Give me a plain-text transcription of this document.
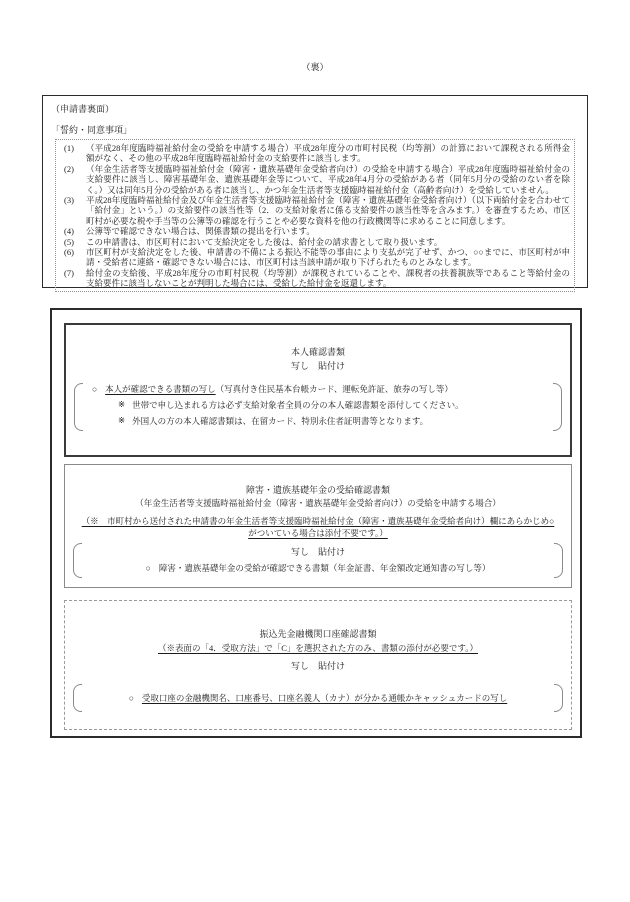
（裏）
（申請書裏面）
「誓約・同意事項」
(1)	（平成28年度臨時福祉給付金の受給を申請する場合）平成28年度分の市町村民税（均等割）の計算において課税される所得金額がなく、その他の平成28年度臨時福祉給付金の支給要件に該当します。
(2)	（年金生活者等支援臨時福祉給付金（障害・遺族基礎年金受給者向け）の受給を申請する場合）平成28年度臨時福祉給付金の支給要件に該当し、障害基礎年金、遺族基礎年金等について、平成28年4月分の受給がある者（同年5月分の受給のない者を除く。）又は同年5月分の受給がある者に該当し、かつ年金生活者等支援臨時福祉給付金（高齢者向け）を受給していません。
(3)	平成28年度臨時福祉給付金及び年金生活者等支援臨時福祉給付金（障害・遺族基礎年金受給者向け）（以下両給付金を合わせて「給付金」という。）の支給要件の該当性等（2．の支給対象者に係る支給要件の該当性等を含みます。）を審査するため、市区町村が必要な税や手当等の公簿等の確認を行うことや必要な資料を他の行政機関等に求めることに同意します。
(4)	公簿等で確認できない場合は、関係書類の提出を行います。
(5)	この申請書は、市区町村において支給決定をした後は、給付金の請求書として取り扱います。
(6)	市区町村が支給決定をした後、申請書の不備による振込不能等の事由により支払が完了せず、かつ、○○までに、市区町村が申請・受給者に連絡・確認できない場合には、市区町村は当該申請が取り下げられたものとみなします。
(7)	給付金の支給後、平成28年度分の市町村民税（均等割）が課税されていることや、課税者の扶養親族等であること等給付金の支給要件に該当しないことが判明した場合には、受給した給付金を返還します。
本人確認書類
写し　貼付け
○ 本人が確認できる書類の写し（写真付き住民基本台帳カード、運転免許証、旅券の写し等）
※ 世帯で申し込まれる方は必ず支給対象者全員の分の本人確認書類を添付してください。
※ 外国人の方の本人確認書類は、在留カード、特別永住者証明書等となります。
障害・遺族基礎年金の受給確認書類
（年金生活者等支援臨時福祉給付金（障害・遺族基礎年金受給者向け）の受給を申請する場合）
（※　市町村から送付された申請書の年金生活者等支援臨時福祉給付金（障害・遺族基礎年金受給者向け）欄にあらかじめ○がついている場合は添付不要です。）
写し　貼付け
○ 障害・遺族基礎年金の受給が確認できる書類（年金証書、年金額改定通知書の写し等）
振込先金融機関口座確認書類
（※表面の「4．受取方法」で「C」を選択された方のみ、書類の添付が必要です。）
写し　貼付け
○ 受取口座の金融機関名、口座番号、口座名義人（カナ）が分かる通帳かキャッシュカードの写し
